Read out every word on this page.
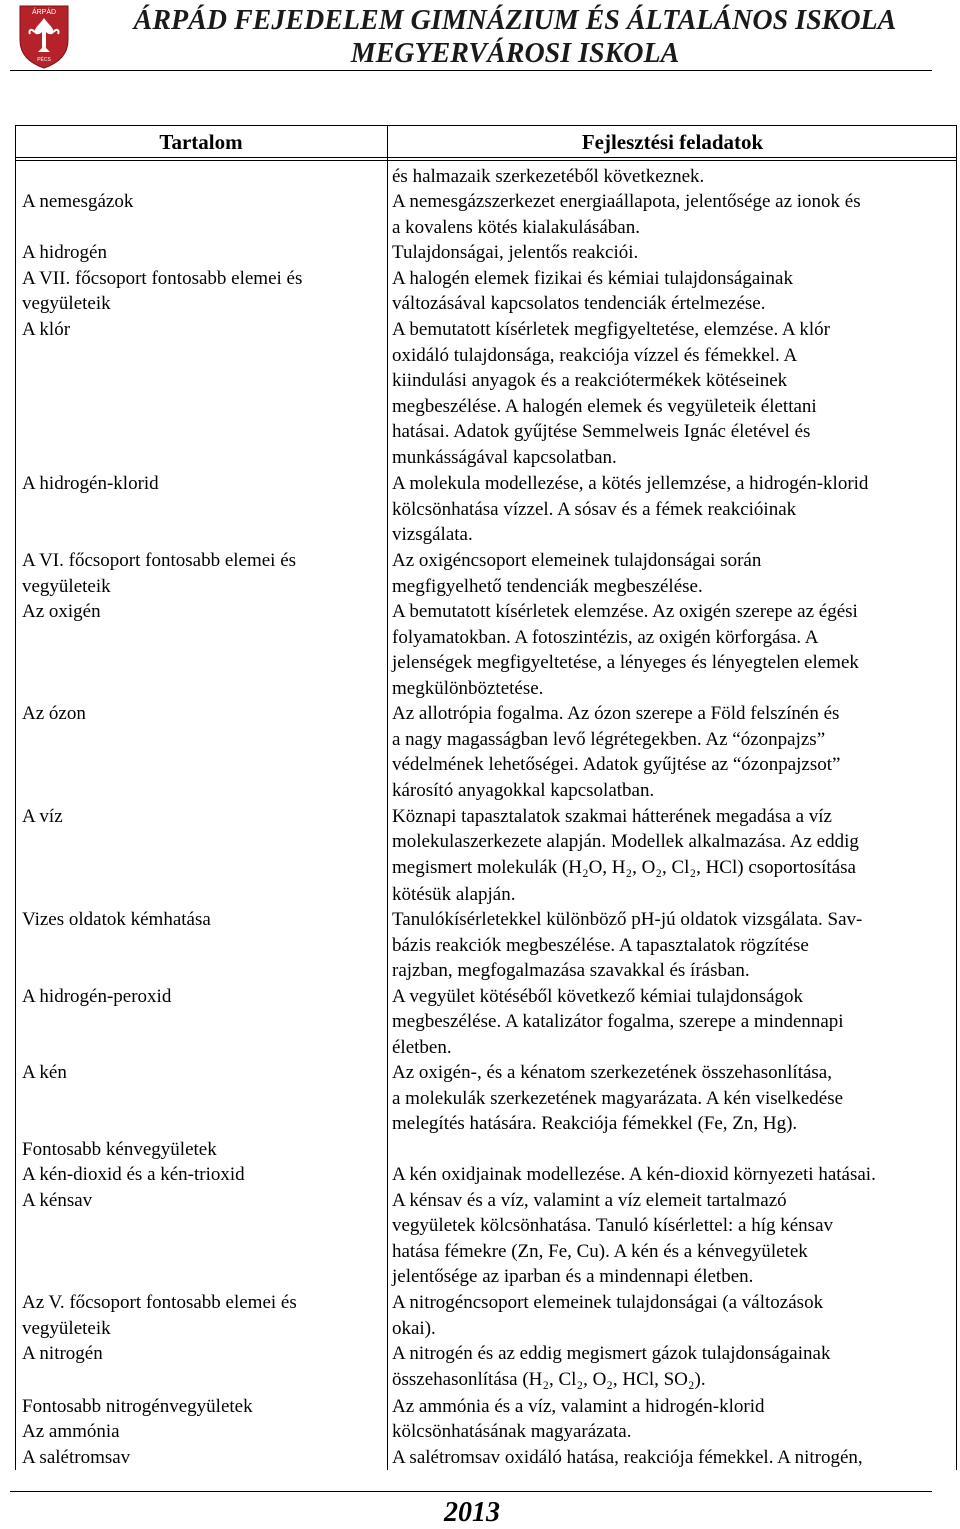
ÁRPÁD
PÉCS
ÁRPÁD FEJEDELEM GIMNÁZIUM ÉS ÁLTALÁNOS ISKOLA
MEGYERVÁROSI ISKOLA
Tartalom	Fejlesztési feladatok
A nemesgázok
A hidrogén
A VII. főcsoport fontosabb elemei és
vegyületeik
A klór
A hidrogén-klorid
A VI. főcsoport fontosabb elemei és
vegyületeik
Az oxigén
Az ózon
A víz
Vizes oldatok kémhatása
A hidrogén-peroxid
A kén
Fontosabb kénvegyületek
A kén-dioxid és a kén-trioxid
A kénsav
Az V. főcsoport fontosabb elemei és
vegyületeik
A nitrogén
Fontosabb nitrogénvegyületek
Az ammónia
A salétromsav
és halmazaik szerkezetéből következnek.
A nemesgázszerkezet energiaállapota, jelentősége az ionok és
a kovalens kötés kialakulásában.
Tulajdonságai, jelentős reakciói.
A halogén elemek fizikai és kémiai tulajdonságainak
változásával kapcsolatos tendenciák értelmezése.
A bemutatott kísérletek megfigyeltetése, elemzése. A klór
oxidáló tulajdonsága, reakciója vízzel és fémekkel. A
kiindulási anyagok és a reakciótermékek kötéseinek
megbeszélése. A halogén elemek és vegyületeik élettani
hatásai. Adatok gyűjtése Semmelweis Ignác életével és
munkásságával kapcsolatban.
A molekula modellezése, a kötés jellemzése, a hidrogén-klorid
kölcsönhatása vízzel. A sósav és a fémek reakcióinak
vizsgálata.
Az oxigéncsoport elemeinek tulajdonságai során
megfigyelhető tendenciák megbeszélése.
A bemutatott kísérletek elemzése. Az oxigén szerepe az égési
folyamatokban. A fotoszintézis, az oxigén körforgása. A
jelenségek megfigyeltetése, a lényeges és lényegtelen elemek
megkülönböztetése.
Az allotrópia fogalma. Az ózon szerepe a Föld felszínén és
a nagy magasságban levő légrétegekben. Az “ózonpajzs”
védelmének lehetőségei. Adatok gyűjtése az “ózonpajzsot”
károsító anyagokkal kapcsolatban.
Köznapi tapasztalatok szakmai hátterének megadása a víz
molekulaszerkezete alapján. Modellek alkalmazása. Az eddig
megismert molekulák (H₂O, H₂, O₂, Cl₂, HCl) csoportosítása
kötésük alapján.
Tanulókísérletekkel különböző pH-jú oldatok vizsgálata. Sav-
bázis reakciók megbeszélése. A tapasztalatok rögzítése
rajzban, megfogalmazása szavakkal és írásban.
A vegyület kötéséből következő kémiai tulajdonságok
megbeszélése. A katalizátor fogalma, szerepe a mindennapi
életben.
Az oxigén-, és a kénatom szerkezetének összehasonlítása,
a molekulák szerkezetének magyarázata. A kén viselkedése
melegítés hatására. Reakciója fémekkel (Fe, Zn, Hg).
A kén oxidjainak modellezése. A kén-dioxid környezeti hatásai.
A kénsav és a víz, valamint a víz elemeit tartalmazó
vegyületek kölcsönhatása. Tanuló kísérlettel: a híg kénsav
hatása fémekre (Zn, Fe, Cu). A kén és a kénvegyületek
jelentősége az iparban és a mindennapi életben.
A nitrogéncsoport elemeinek tulajdonságai (a változások
okai).
A nitrogén és az eddig megismert gázok tulajdonságainak
összehasonlítása (H₂, Cl₂, O₂, HCl, SO₂).
Az ammónia és a víz, valamint a hidrogén-klorid
kölcsönhatásának magyarázata.
A salétromsav oxidáló hatása, reakciója fémekkel. A nitrogén,
2013
